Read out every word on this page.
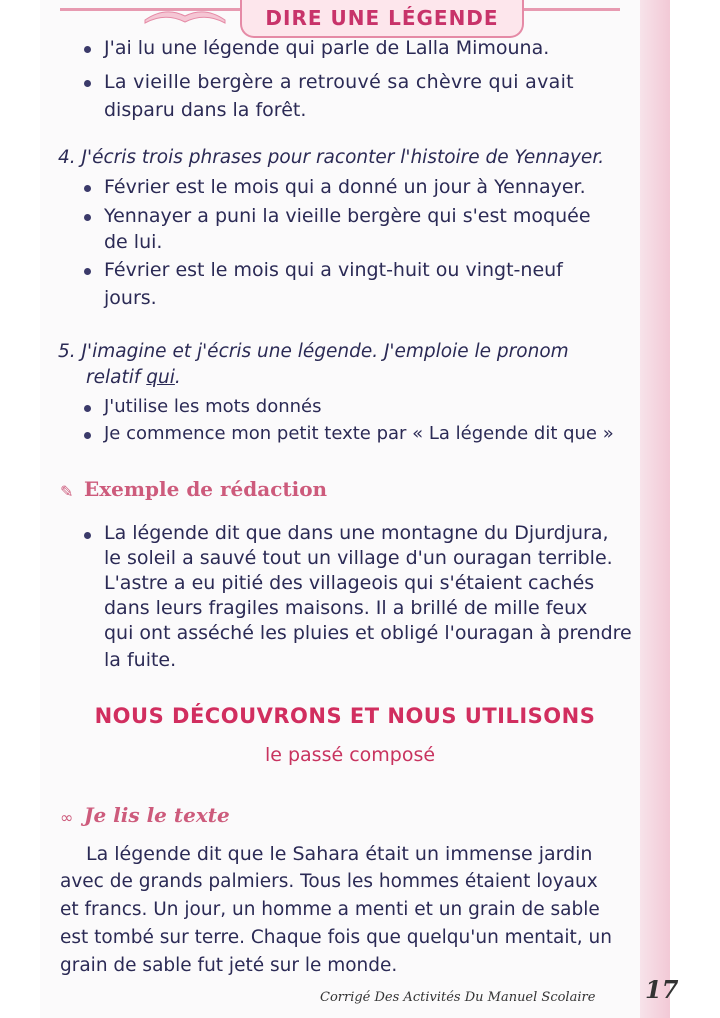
DIRE UNE LÉGENDE
J'ai lu une légende qui parle de Lalla Mimouna.
La vieille bergère a retrouvé sa chèvre qui avait
disparu dans la forêt.
4. J'écris trois phrases pour raconter l'histoire de Yennayer.
Février est le mois qui a donné un jour à Yennayer.
Yennayer a puni la vieille bergère qui s'est moquée
de lui.
Février est le mois qui a vingt-huit ou vingt-neuf
jours.
5. J'imagine et j'écris une légende. J'emploie le pronom
relatif qui.
J'utilise les mots donnés
Je commence mon petit texte par « La légende dit que »
✎ Exemple de rédaction
La légende dit que dans une montagne du Djurdjura,
le soleil a sauvé tout un village d'un ouragan terrible.
L'astre a eu pitié des villageois qui s'étaient cachés
dans leurs fragiles maisons. Il a brillé de mille feux
qui ont asséché les pluies et obligé l'ouragan à prendre
la fuite.
NOUS DÉCOUVRONS ET NOUS UTILISONS
le passé composé
∞ Je lis le texte
La légende dit que le Sahara était un immense jardin
avec de grands palmiers. Tous les hommes étaient loyaux
et francs. Un jour, un homme a menti et un grain de sable
est tombé sur terre. Chaque fois que quelqu'un mentait, un
grain de sable fut jeté sur le monde.
Corrigé Des Activités Du Manuel Scolaire 17
